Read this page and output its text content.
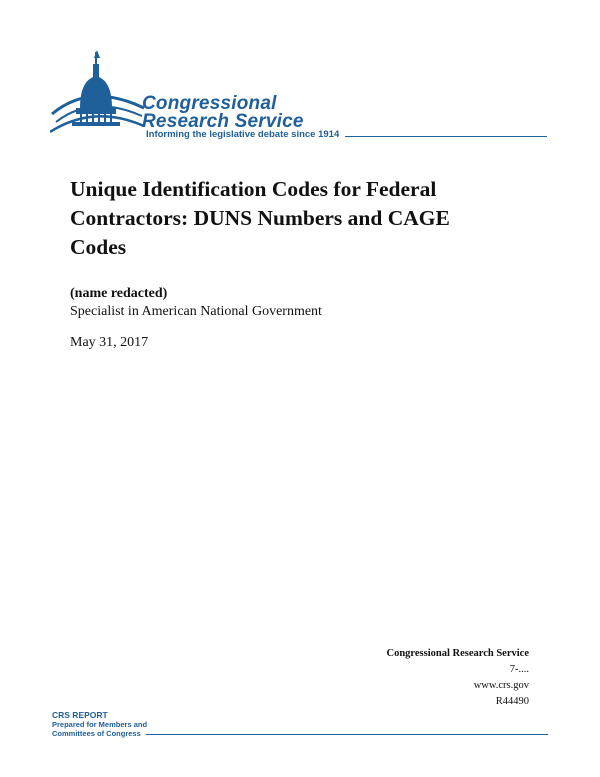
Congressional

Research Service

Informing the legislative debate since 1914
Unique Identification Codes for Federal Contractors: DUNS Numbers and CAGE Codes

(name redacted)

Specialist in American National Government

May 31, 2017

Congressional Research Service
7-....
www.crs.gov
R44490
CRS REPORT
Prepared for Members and
Committees of Congress
